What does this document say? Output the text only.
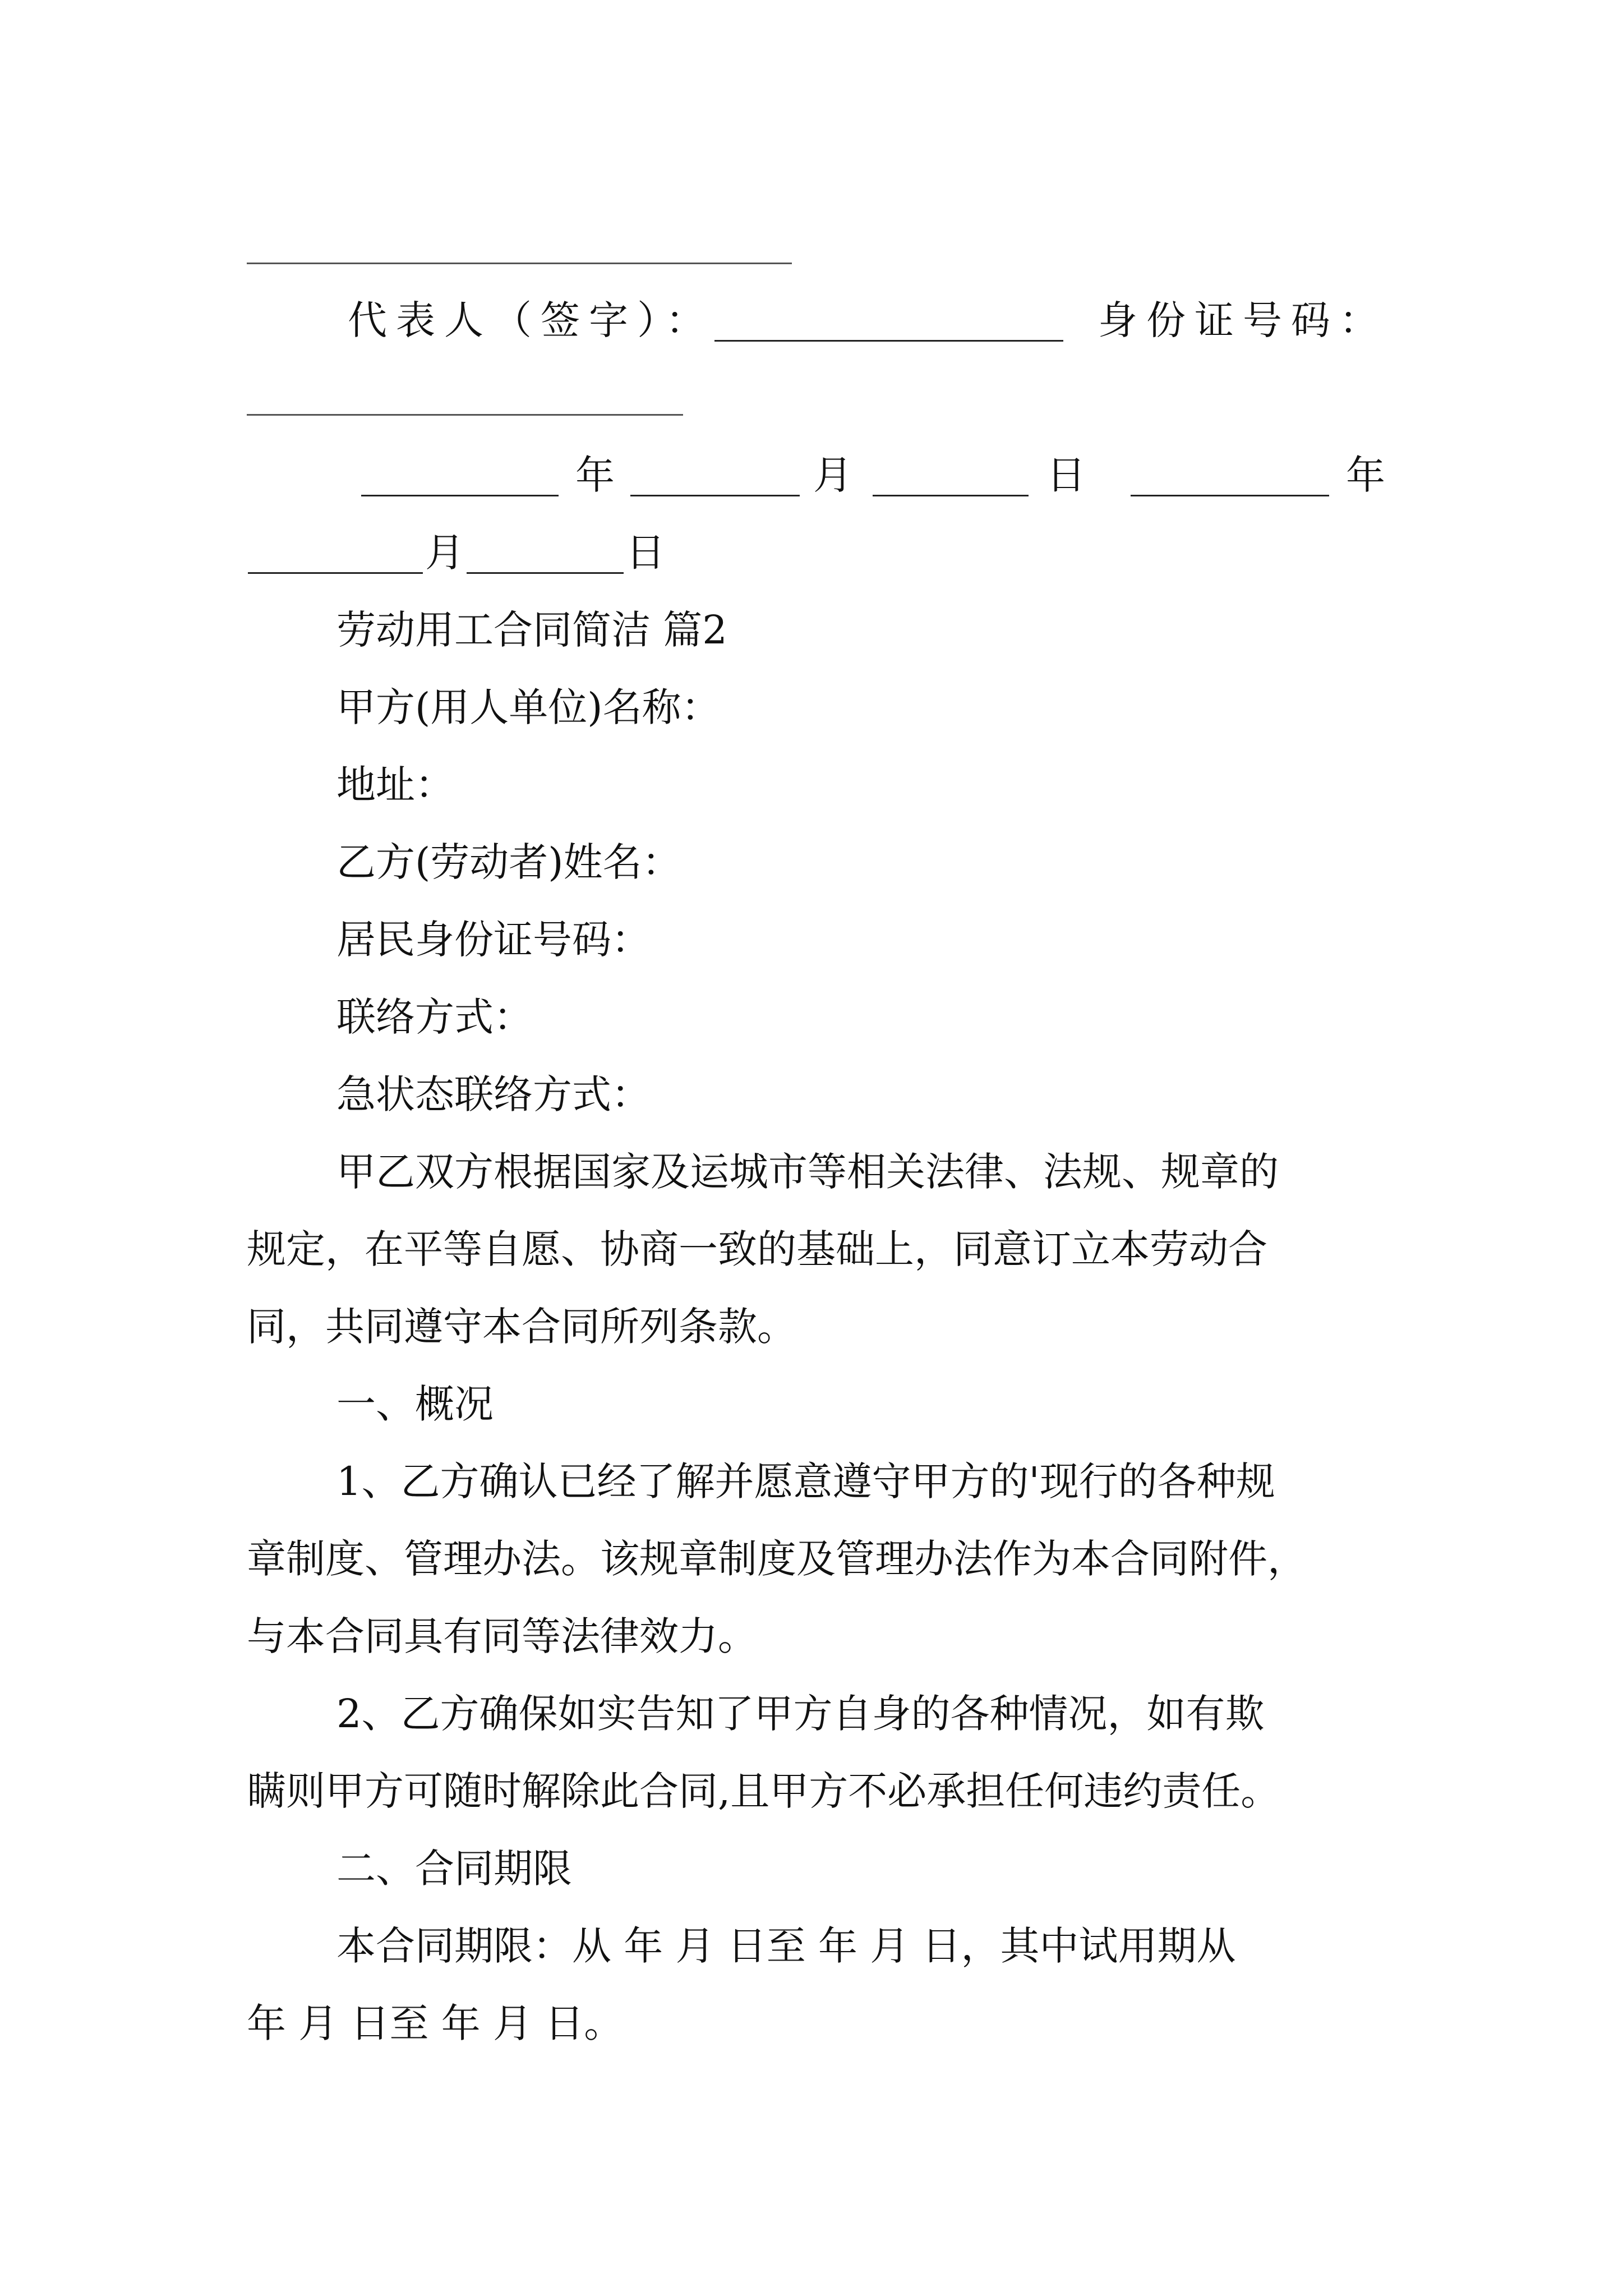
代表人（签字）：	身份证号码：
年	月	日	年
月	日
劳动用工合同简洁 篇2
甲方(用人单位)名称：
地址：
乙方(劳动者)姓名：
居民身份证号码：
联络方式：
急状态联络方式：
甲乙双方根据国家及运城市等相关法律、法规、规章的
规定，在平等自愿、协商一致的基础上，同意订立本劳动合
同，共同遵守本合同所列条款。
一、概况
1、乙方确认已经了解并愿意遵守甲方的'现行的各种规
章制度、管理办法。该规章制度及管理办法作为本合同附件，
与本合同具有同等法律效力。
2、乙方确保如实告知了甲方自身的各种情况，如有欺
瞒则甲方可随时解除此合同,且甲方不必承担任何违约责任。
二、合同期限
本合同期限：从 年 月 日至 年 月 日，其中试用期从
年 月 日至 年 月 日。
